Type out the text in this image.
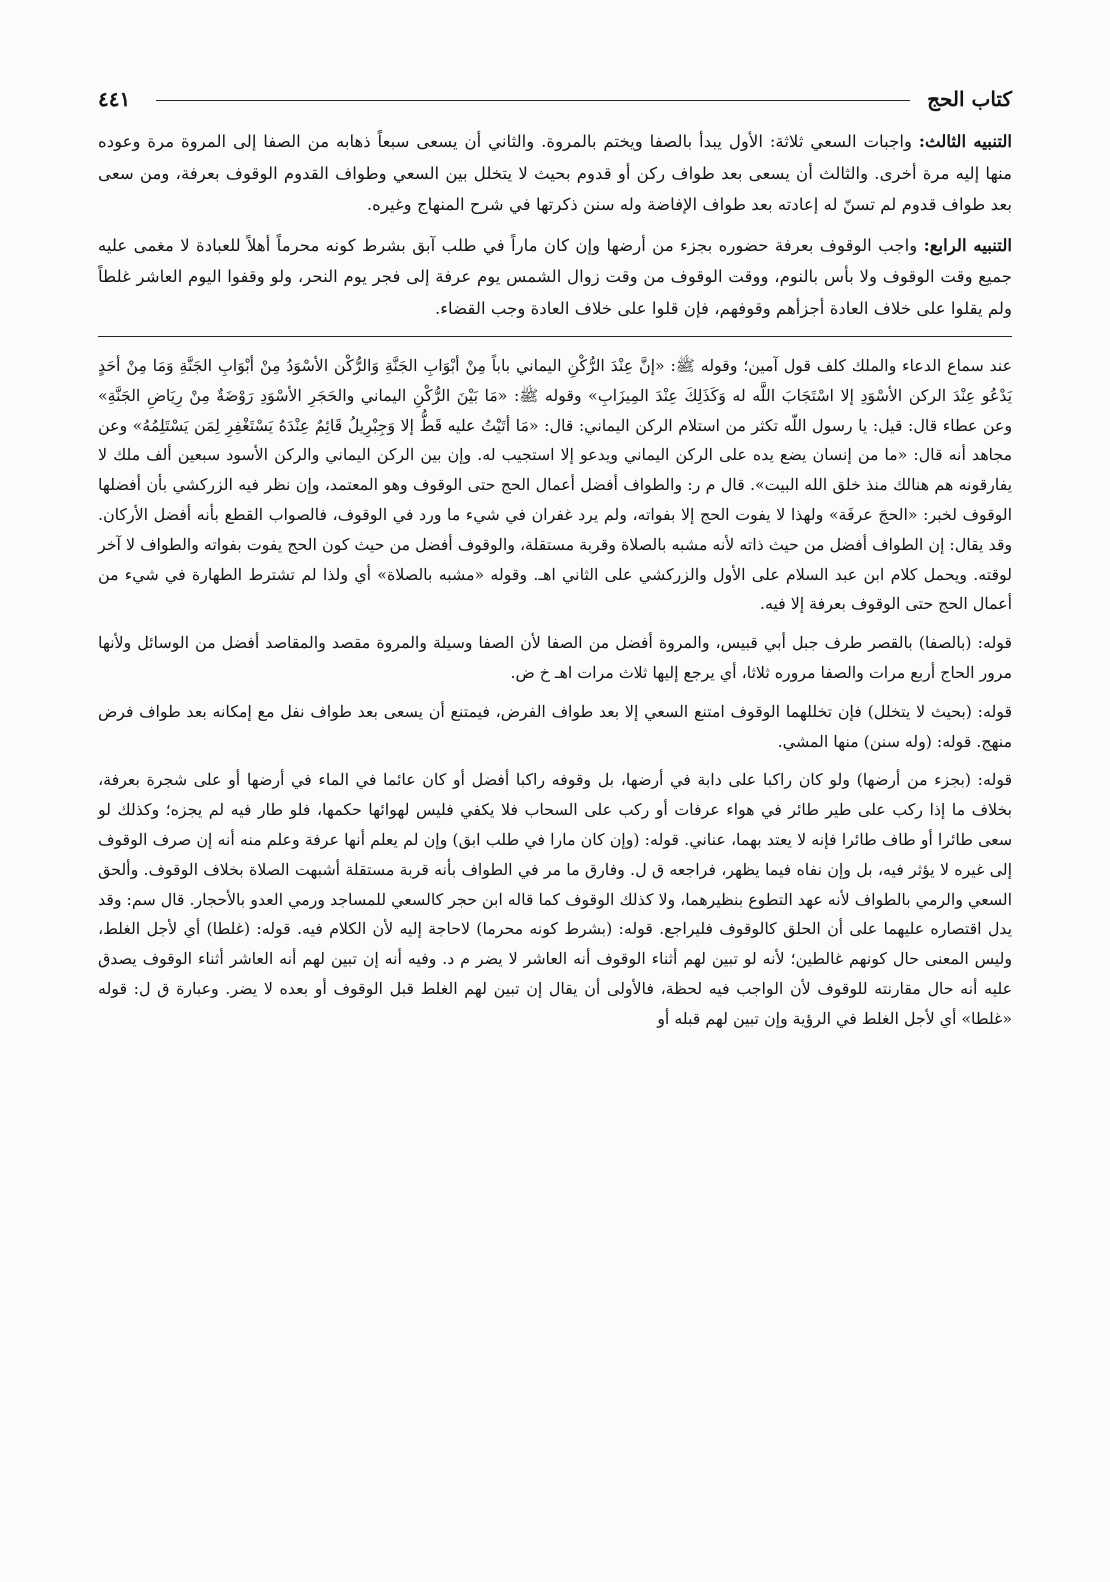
كتاب الحج
٤٤١

التنبيه الثالث: واجبات السعي ثلاثة: الأول يبدأ بالصفا ويختم بالمروة. والثاني أن يسعى سبعاً ذهابه من الصفا إلى المروة مرة وعوده منها إليه مرة أخرى. والثالث أن يسعى بعد طواف ركن أو قدوم بحيث لا يتخلل بين السعي وطواف القدوم الوقوف بعرفة، ومن سعى بعد طواف قدوم لم تسنّ له إعادته بعد طواف الإفاضة وله سنن ذكرتها في شرح المنهاج وغيره.

التنبيه الرابع: واجب الوقوف بعرفة حضوره بجزء من أرضها وإن كان ماراً في طلب آبق بشرط كونه محرماً أهلاً للعبادة لا مغمى عليه جميع وقت الوقوف ولا بأس بالنوم، ووقت الوقوف من وقت زوال الشمس يوم عرفة إلى فجر يوم النحر، ولو وقفوا اليوم العاشر غلطاً ولم يقلوا على خلاف العادة أجزأهم وقوفهم، فإن قلوا على خلاف العادة وجب القضاء.

عند سماع الدعاء والملك كلف قول آمين؛ وقوله ﷺ: «إنَّ عِنْدَ الرُّكْنِ اليماني باباً مِنْ أبْوَابِ الجَنَّةِ وَالرُّكْن الأسْوَدُ مِنْ أبْوَابِ الجَنَّةِ وَمَا مِنْ أحَدٍ يَدْعُو عِنْدَ الركن الأسْوَدِ إلا اسْتَجَابَ اللَّه له وَكَذَلِكَ عِنْدَ المِيزَابِ» وقوله ﷺ: «مَا بَيْنَ الرُّكْنِ اليماني والحَجَرِ الأسْوَدِ رَوْضَةٌ مِنْ رِيَاضِ الجَنَّةِ» وعن عطاء قال: قيل: يا رسول اللّه تكثر من استلام الركن اليماني: قال: «مَا أتَيْتُ عليه قَطُّ إلا وَجِبْرِيلُ قَائِمٌ عِنْدَهُ يَسْتَغْفِرِ لِمَن يَسْتَلِمُهُ» وعن مجاهد أنه قال: «ما من إنسان يضع يده على الركن اليماني ويدعو إلا استجيب له. وإن بين الركن اليماني والركن الأسود سبعين ألف ملك لا يفارقونه هم هنالك منذ خلق الله البيت». قال م ر: والطواف أفضل أعمال الحج حتى الوقوف وهو المعتمد، وإن نظر فيه الزركشي بأن أفضلها الوقوف لخبر: «الحجَ عرفَة» ولهذا لا يفوت الحج إلا بفواته، ولم يرد غفران في شيء ما ورد في الوقوف، فالصواب القطع بأنه أفضل الأركان. وقد يقال: إن الطواف أفضل من حيث ذاته لأنه مشبه بالصلاة وقربة مستقلة، والوقوف أفضل من حيث كون الحج يفوت بفواته والطواف لا آخر لوقته. ويحمل كلام ابن عبد السلام على الأول والزركشي على الثاني اهـ. وقوله «مشبه بالصلاة» أي ولذا لم تشترط الطهارة في شيء من أعمال الحج حتى الوقوف بعرفة إلا فيه.

قوله: (بالصفا) بالقصر طرف جبل أبي قبيس، والمروة أفضل من الصفا لأن الصفا وسيلة والمروة مقصد والمقاصد أفضل من الوسائل ولأنها مرور الحاج أربع مرات والصفا مروره ثلاثا، أي يرجع إليها ثلاث مرات اهـ خ ض.

قوله: (بحيث لا يتخلل) فإن تخللهما الوقوف امتنع السعي إلا بعد طواف الفرض، فيمتنع أن يسعى بعد طواف نفل مع إمكانه بعد طواف فرض منهج. قوله: (وله سنن) منها المشي.

قوله: (بجزء من أرضها) ولو كان راكبا على دابة في أرضها، بل وقوفه راكبا أفضل أو كان عائما في الماء في أرضها أو على شجرة بعرفة، بخلاف ما إذا ركب على طير طائر في هواء عرفات أو ركب على السحاب فلا يكفي فليس لهوائها حكمها، فلو طار فيه لم يجزه؛ وكذلك لو سعى طائرا أو طاف طائرا فإنه لا يعتد بهما، عناني. قوله: (وإن كان مارا في طلب ابق) وإن لم يعلم أنها عرفة وعلم منه أنه إن صرف الوقوف إلى غيره لا يؤثر فيه، بل وإن نفاه فيما يظهر، فراجعه ق ل. وفارق ما مر في الطواف بأنه قربة مستقلة أشبهت الصلاة بخلاف الوقوف. وألحق السعي والرمي بالطواف لأنه عهد التطوع بنظيرهما، ولا كذلك الوقوف كما قاله ابن حجر كالسعي للمساجد ورمي العدو بالأحجار. قال سم: وقد يدل اقتصاره عليهما على أن الحلق كالوقوف فليراجع. قوله: (بشرط كونه محرما) لاحاجة إليه لأن الكلام فيه. قوله: (غلطا) أي لأجل الغلط، وليس المعنى حال كونهم غالطين؛ لأنه لو تبين لهم أثناء الوقوف أنه العاشر لا يضر م د. وفيه أنه إن تبين لهم أنه العاشر أثناء الوقوف يصدق عليه أنه حال مقارنته للوقوف لأن الواجب فيه لحظة، فالأولى أن يقال إن تبين لهم الغلط قبل الوقوف أو بعده لا يضر. وعبارة ق ل: قوله «غلطا» أي لأجل الغلط في الرؤية وإن تبين لهم قبله أو
